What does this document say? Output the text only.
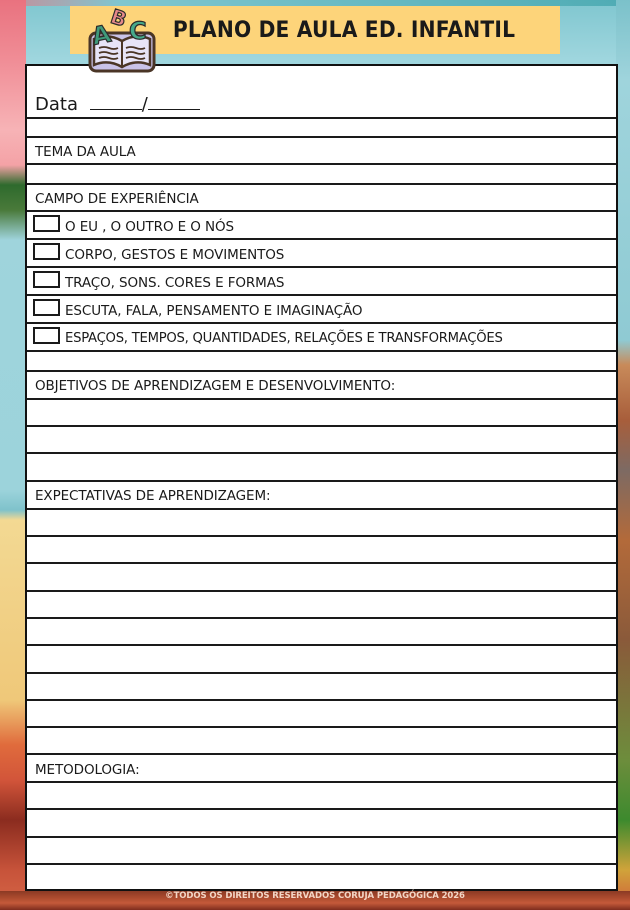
PLANO DE AULA ED. INFANTIL
A
B C
Data	/
TEMA DA AULA
CAMPO DE EXPERIÊNCIA
O EU , O OUTRO E O NÓS
CORPO, GESTOS E MOVIMENTOS
TRAÇO, SONS. CORES E FORMAS
ESCUTA, FALA, PENSAMENTO E IMAGINAÇÃO
ESPAÇOS, TEMPOS, QUANTIDADES, RELAÇÕES E TRANSFORMAÇÕES
OBJETIVOS DE APRENDIZAGEM E DESENVOLVIMENTO:
EXPECTATIVAS DE APRENDIZAGEM:
METODOLOGIA:
©TODOS OS DIREITOS RESERVADOS CORUJA PEDAGÓGICA 2026
